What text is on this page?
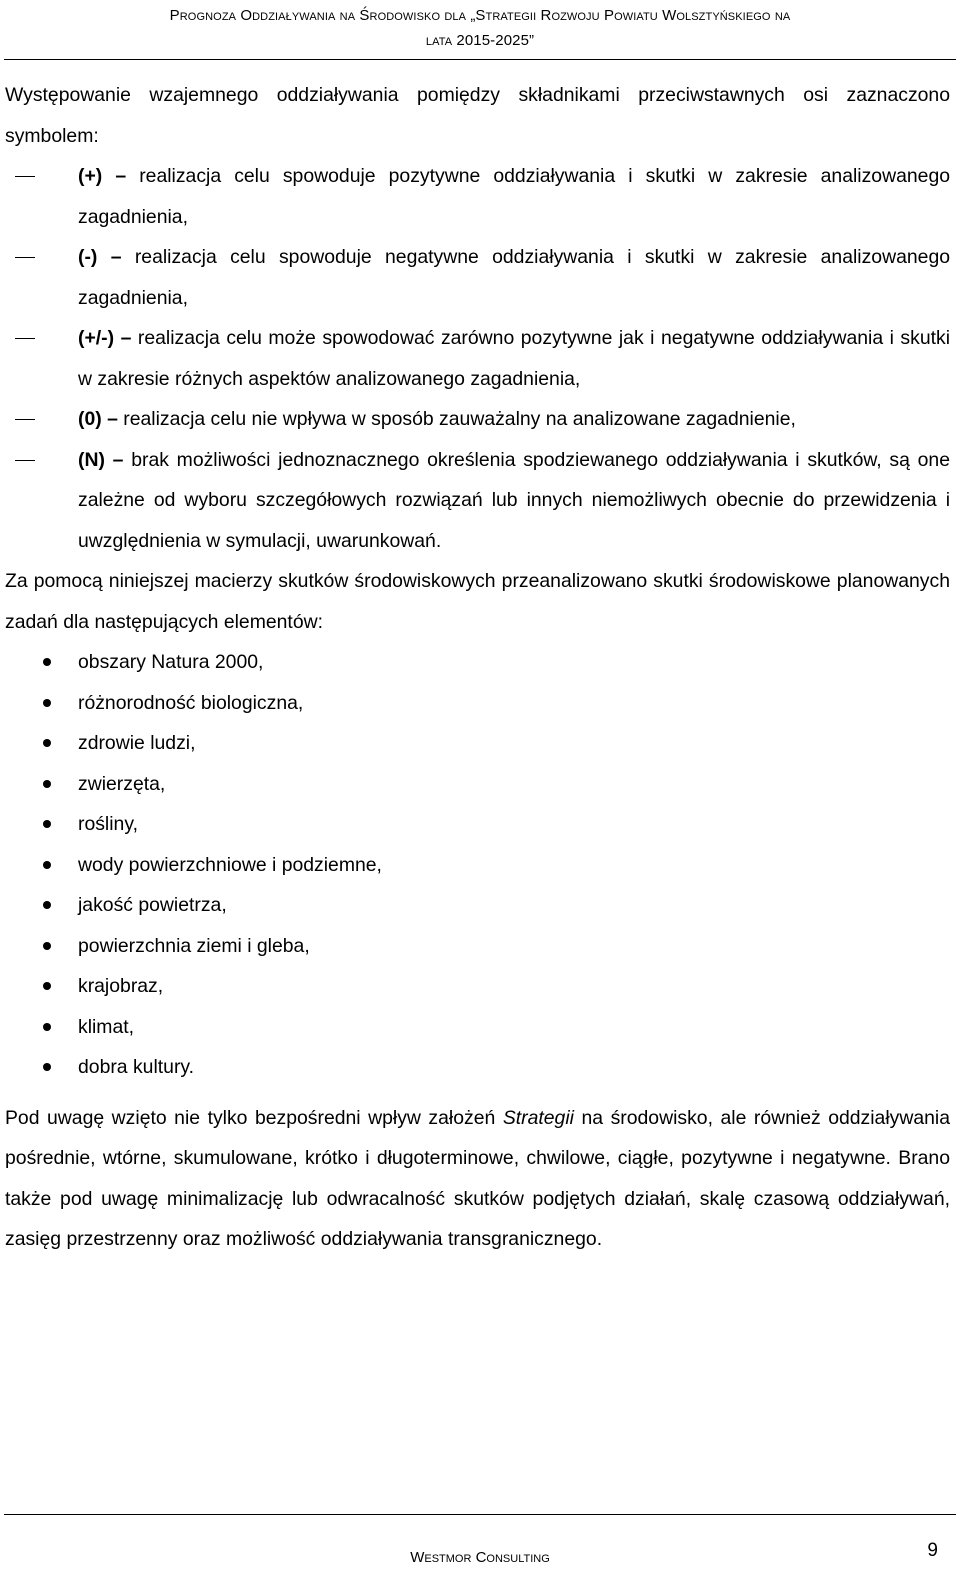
Prognoza Oddziaływania na Środowisko dla „Strategii Rozwoju Powiatu Wolsztyńskiego na
lata 2015-2025”

Występowanie wzajemnego oddziaływania pomiędzy składnikami przeciwstawnych osi zaznaczono symbolem:

(+) – realizacja celu spowoduje pozytywne oddziaływania i skutki w zakresie analizowanego zagadnienia,
(-) – realizacja celu spowoduje negatywne oddziaływania i skutki w zakresie analizowanego zagadnienia,
(+/-) – realizacja celu może spowodować zarówno pozytywne jak i negatywne oddziaływania i skutki w zakresie różnych aspektów analizowanego zagadnienia,
(0) – realizacja celu nie wpływa w sposób zauważalny na analizowane zagadnienie,
(N) – brak możliwości jednoznacznego określenia spodziewanego oddziaływania i skutków, są one zależne od wyboru szczegółowych rozwiązań lub innych niemożliwych obecnie do przewidzenia i uwzględnienia w symulacji, uwarunkowań.

Za pomocą niniejszej macierzy skutków środowiskowych przeanalizowano skutki środowiskowe planowanych zadań dla następujących elementów:

obszary Natura 2000,
różnorodność biologiczna,
zdrowie ludzi,
zwierzęta,
rośliny,
wody powierzchniowe i podziemne,
jakość powietrza,
powierzchnia ziemi i gleba,
krajobraz,
klimat,
dobra kultury.

Pod uwagę wzięto nie tylko bezpośredni wpływ założeń Strategii na środowisko, ale również oddziaływania pośrednie, wtórne, skumulowane, krótko i długoterminowe, chwilowe, ciągłe, pozytywne i negatywne. Brano także pod uwagę minimalizację lub odwracalność skutków podjętych działań, skalę czasową oddziaływań, zasięg przestrzenny oraz możliwość oddziaływania transgranicznego.

Westmor Consulting	9
